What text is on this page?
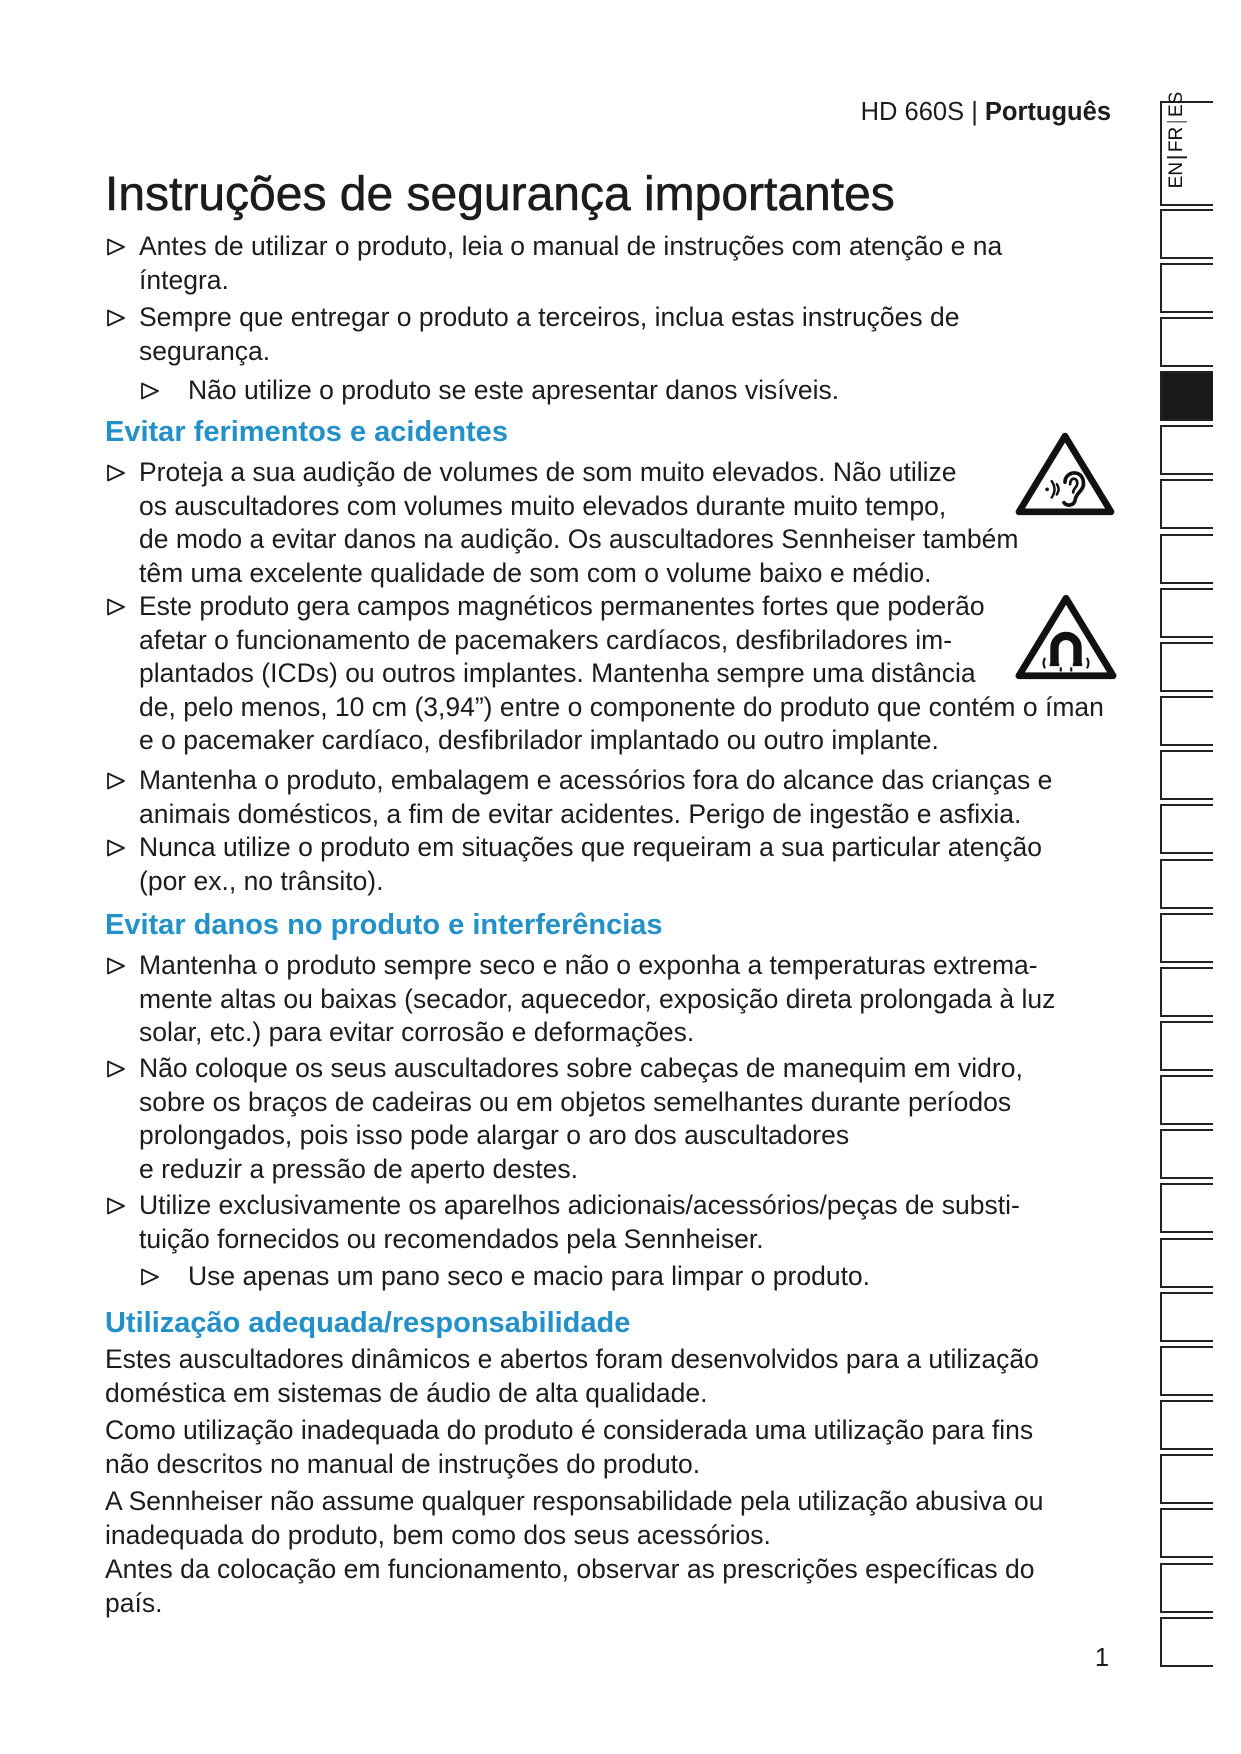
HD 660S | Português
Instruções de segurança importantes
Antes de utilizar o produto, leia o manual de instruções com atenção e na
íntegra.
Sempre que entregar o produto a terceiros, inclua estas instruções de
segurança.
Não utilize o produto se este apresentar danos visíveis.
Evitar ferimentos e acidentes
Proteja a sua audição de volumes de som muito elevados. Não utilize
os auscultadores com volumes muito elevados durante muito tempo,
de modo a evitar danos na audição. Os auscultadores Sennheiser também
têm uma excelente qualidade de som com o volume baixo e médio.
Este produto gera campos magnéticos permanentes fortes que poderão
afetar o funcionamento de pacemakers cardíacos, desfibriladores im-
plantados (ICDs) ou outros implantes. Mantenha sempre uma distância
de, pelo menos, 10 cm (3,94”) entre o componente do produto que contém o íman
e o pacemaker cardíaco, desfibrilador implantado ou outro implante.
Mantenha o produto, embalagem e acessórios fora do alcance das crianças e
animais domésticos, a fim de evitar acidentes. Perigo de ingestão e asfixia.
Nunca utilize o produto em situações que requeiram a sua particular atenção
(por ex., no trânsito).
Evitar danos no produto e interferências
Mantenha o produto sempre seco e não o exponha a temperaturas extrema-
mente altas ou baixas (secador, aquecedor, exposição direta prolongada à luz
solar, etc.) para evitar corrosão e deformações.
Não coloque os seus auscultadores sobre cabeças de manequim em vidro,
sobre os braços de cadeiras ou em objetos semelhantes durante períodos
prolongados, pois isso pode alargar o aro dos auscultadores
e reduzir a pressão de aperto destes.
Utilize exclusivamente os aparelhos adicionais/acessórios/peças de substi-
tuição fornecidos ou recomendados pela Sennheiser.
Use apenas um pano seco e macio para limpar o produto.
Utilização adequada/responsabilidade

Estes auscultadores dinâmicos e abertos foram desenvolvidos para a utilização
doméstica em sistemas de áudio de alta qualidade.

Como utilização inadequada do produto é considerada uma utilização para fins
não descritos no manual de instruções do produto.

A Sennheiser não assume qualquer responsabilidade pela utilização abusiva ou
inadequada do produto, bem como dos seus acessórios.

Antes da colocação em funcionamento, observar as prescrições específicas do
país.

1
EN
FR
ES
